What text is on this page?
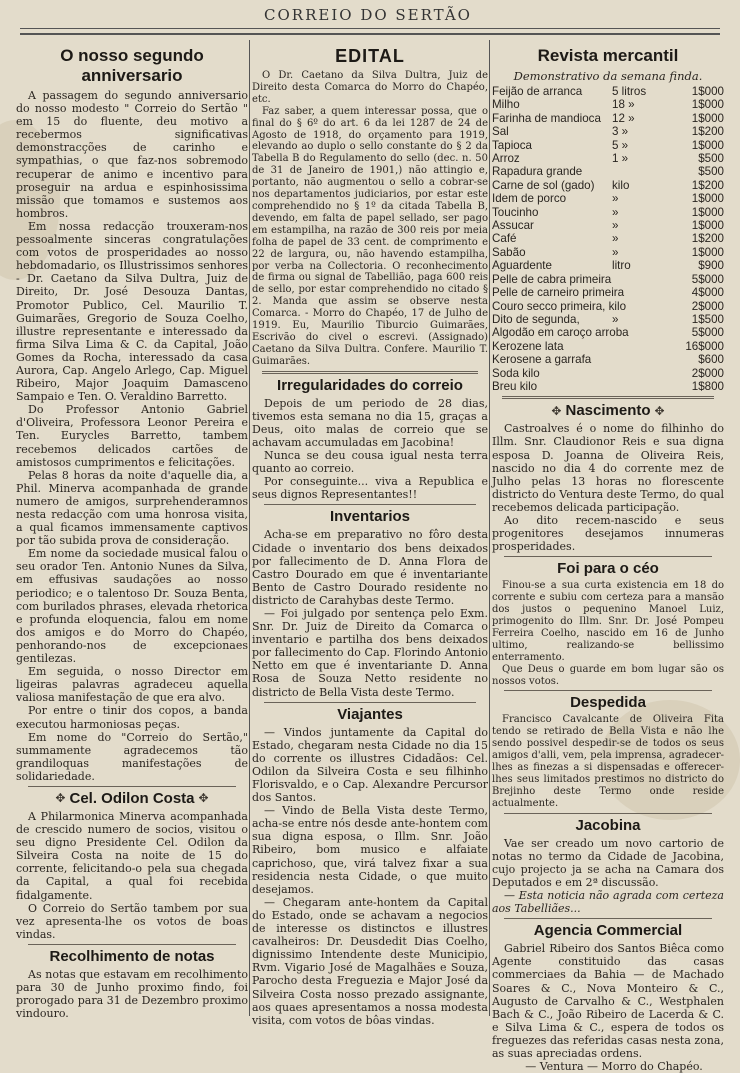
CORREIO DO SERTÃO
O nosso segundo anniversario

A passagem do segundo anniversario do nosso modesto " Correio do Sertão " em 15 do fluente, deu motivo a recebermos significativas demonstracções de carinho e sympathias, o que faz-nos sobremodo recuperar de animo e incentivo para proseguir na ardua e espinhosissima missão que tomamos e sustemos aos hombros.

Em nossa redacção trouxeram-nos pessoalmente sinceras congratulações com votos de prosperidades ao nosso hebdomadario, os Illustrissimos senhores - Dr. Caetano da Silva Dultra, Juiz de Direito, Dr. José Desouza Dantas, Promotor Publico, Cel. Maurilio T. Guimarães, Gregorio de Souza Coelho, illustre representante e interessado da firma Silva Lima & C. da Capital, João Gomes da Rocha, interessado da casa Aurora, Cap. Angelo Arlego, Cap. Miguel Ribeiro, Major Joaquim Damasceno Sampaio e Ten. O. Veraldino Barretto.

Do Professor Antonio Gabriel d'Oliveira, Professora Leonor Pereira e Ten. Eurycles Barretto, tambem recebemos delicados cartões de amistosos cumprimentos e felicitações.

Pelas 8 horas da noite d'aquelle dia, a Phil. Minerva acompanhada de grande numero de amigos, surprehenderamnos nesta redacção com uma honrosa visita, a qual ficamos immensamente captivos por tão subida prova de consideração.

Em nome da sociedade musical falou o seu orador Ten. Antonio Nunes da Silva, em effusivas saudações ao nosso periodico; e o talentoso Dr. Souza Benta, com burilados phrases, elevada rhetorica e profunda eloquencia, falou em nome dos amigos e do Morro do Chapéo, penhorando-nos de excepcionaes gentilezas.

Em seguida, o nosso Director em ligeiras palavras agradeceu aquella valiosa manifestação de que era alvo.

Por entre o tinir dos copos, a banda executou harmoniosas peças.

Em nome do "Correio do Sertão," summamente agradecemos tão grandiloquas manifestações de solidariedade.

✥ Cel. Odilon Costa ✥

A Philarmonica Minerva acompanhada de crescido numero de socios, visitou o seu digno Presidente Cel. Odilon da Silveira Costa na noite de 15 do corrente, felicitando-o pela sua chegada da Capital, a qual foi recebida fidalgamente.

O Correio do Sertão tambem por sua vez apresenta-lhe os votos de boas vindas.

Recolhimento de notas

As notas que estavam em recolhimento para 30 de Junho proximo findo, foi prorogado para 31 de Dezembro proximo vindouro.

EDITAL

O Dr. Caetano da Silva Dultra, Juiz de Direito desta Comarca do Morro do Chapéo, etc.

Faz saber, a quem interessar possa, que o final do § 6º do art. 6 da lei 1287 de 24 de Agosto de 1918, do orçamento para 1919, elevando ao duplo o sello constante do § 2 da Tabella B do Regulamento do sello (dec. n. 50 de 31 de Janeiro de 1901,) não attingio e, portanto, não augmentou o sello a cobrar-se nos departamentos judiciarios, por estar este comprehendido no § 1º da citada Tabella B, devendo, em falta de papel sellado, ser pago em estampilha, na razão de 300 reis por meia folha de papel de 33 cent. de comprimento e 22 de largura, ou, não havendo estampilha, por verba na Collectoria. O reconhecimento de firma ou signal de Tabellião, paga 600 reis de sello, por estar comprehendido no citado § 2. Manda que assim se observe nesta Comarca. - Morro do Chapéo, 17 de Julho de 1919. Eu, Maurilio Tiburcio Guimarães, Escrivão do civel o escrevi. (Assignado) Caetano da Silva Dultra. Confere. Maurilio T. Guimarães.

Irregularidades do correio

Depois de um periodo de 28 dias, tivemos esta semana no dia 15, graças a Deus, oito malas de correio que se achavam accumuladas em Jacobina!

Nunca se deu cousa igual nesta terra quanto ao correio.

Por conseguinte... viva a Republica e seus dignos Representantes!!

Inventarios

Acha-se em preparativo no fôro desta Cidade o inventario dos bens deixados por fallecimento de D. Anna Flora de Castro Dourado em que é inventariante Bento de Castro Dourado residente no districto de Carahybas deste Termo.

— Foi julgado por sentença pelo Exm. Snr. Dr. Juiz de Direito da Comarca o inventario e partilha dos bens deixados por fallecimento do Cap. Florindo Antonio Netto em que é inventariante D. Anna Rosa de Souza Netto residente no districto de Bella Vista deste Termo.

Viajantes

— Vindos juntamente da Capital do Estado, chegaram nesta Cidade no dia 15 do corrente os illustres Cidadãos: Cel. Odilon da Silveira Costa e seu filhinho Florisvaldo, e o Cap. Alexandre Percursor dos Santos.

— Vindo de Bella Vista deste Termo, acha-se entre nós desde ante-hontem com sua digna esposa, o Illm. Snr. João Ribeiro, bom musico e alfaiate caprichoso, que, virá talvez fixar a sua residencia nesta Cidade, o que muito desejamos.

— Chegaram ante-hontem da Capital do Estado, onde se achavam a negocios de interesse os distinctos e illustres cavalheiros: Dr. Deusdedit Dias Coelho, dignissimo Intendente deste Municipio, Rvm. Vigario José de Magalhães e Souza, Parocho desta Freguezia e Major José da Silveira Costa nosso prezado assignante, aos quaes apresentamos a nossa modesta visita, com votos de bôas vindas.

Revista mercantil

Demonstrativo da semana finda.

Feijão de arranca	5 litros	1$000
Milho	18 »	1$000
Farinha de mandioca 12 »	1$000
Sal	3 »	1$200
Tapioca	5 »	1$000
Arroz	1 »	$500
Rapadura grande	$500
Carne de sol (gado)	kilo	1$200
Idem de porco	»	1$000
Toucinho	»	1$000
Assucar	»	1$000
Café	»	1$200
Sabão	»	1$000
Aguardente	litro	$900
Pelle de cabra primeira	5$000
Pelle de carneiro primeira	4$000
Couro secco primeira, kilo	2$000
Dito de segunda,	»	1$500
Algodão em caroço arroba	5$000
Kerozene lata	16$000
Kerosene a garrafa	$600
Soda kilo	2$000
Breu kilo	1$800
✥ Nascimento ✥

Castroalves é o nome do filhinho do Illm. Snr. Claudionor Reis e sua digna esposa D. Joanna de Oliveira Reis, nascido no dia 4 do corrente mez de Julho pelas 13 horas no florescente districto do Ventura deste Termo, do qual recebemos delicada participação.

Ao dito recem-nascido e seus progenitores desejamos innumeras prosperidades.

Foi para o céo

Finou-se a sua curta existencia em 18 do corrente e subiu com certeza para a mansão dos justos o pequenino Manoel Luiz, primogenito do Illm. Snr. Dr. José Pompeu Ferreira Coelho, nascido em 16 de Junho ultimo, realizando-se bellissimo enterramento.

Que Deus o guarde em bom lugar são os nossos votos.

Despedida

Francisco Cavalcante de Oliveira Fita tendo se retirado de Bella Vista e não lhe sendo possivel despedir-se de todos os seus amigos d'alli, vem, pela imprensa, agradecer-lhes as finezas a si dispensadas e offerecer-lhes seus limitados prestimos no districto do Brejinho deste Termo onde reside actualmente.

Jacobina

Vae ser creado um novo cartorio de notas no termo da Cidade de Jacobina, cujo projecto ja se acha na Camara dos Deputados e em 2ª discussão.

— Esta noticia não agrada com certeza aos Tabelliães...

Agencia Commercial

Gabriel Ribeiro dos Santos Biêca como Agente constituido das casas commerciaes da Bahia — de Machado Soares & C., Nova Monteiro & C., Augusto de Carvalho & C., Westphalen Bach & C., João Ribeiro de Lacerda & C. e Silva Lima & C., espera de todos os freguezes das referidas casas nesta zona, as suas apreciadas ordens.

— Ventura — Morro do Chapéo.
